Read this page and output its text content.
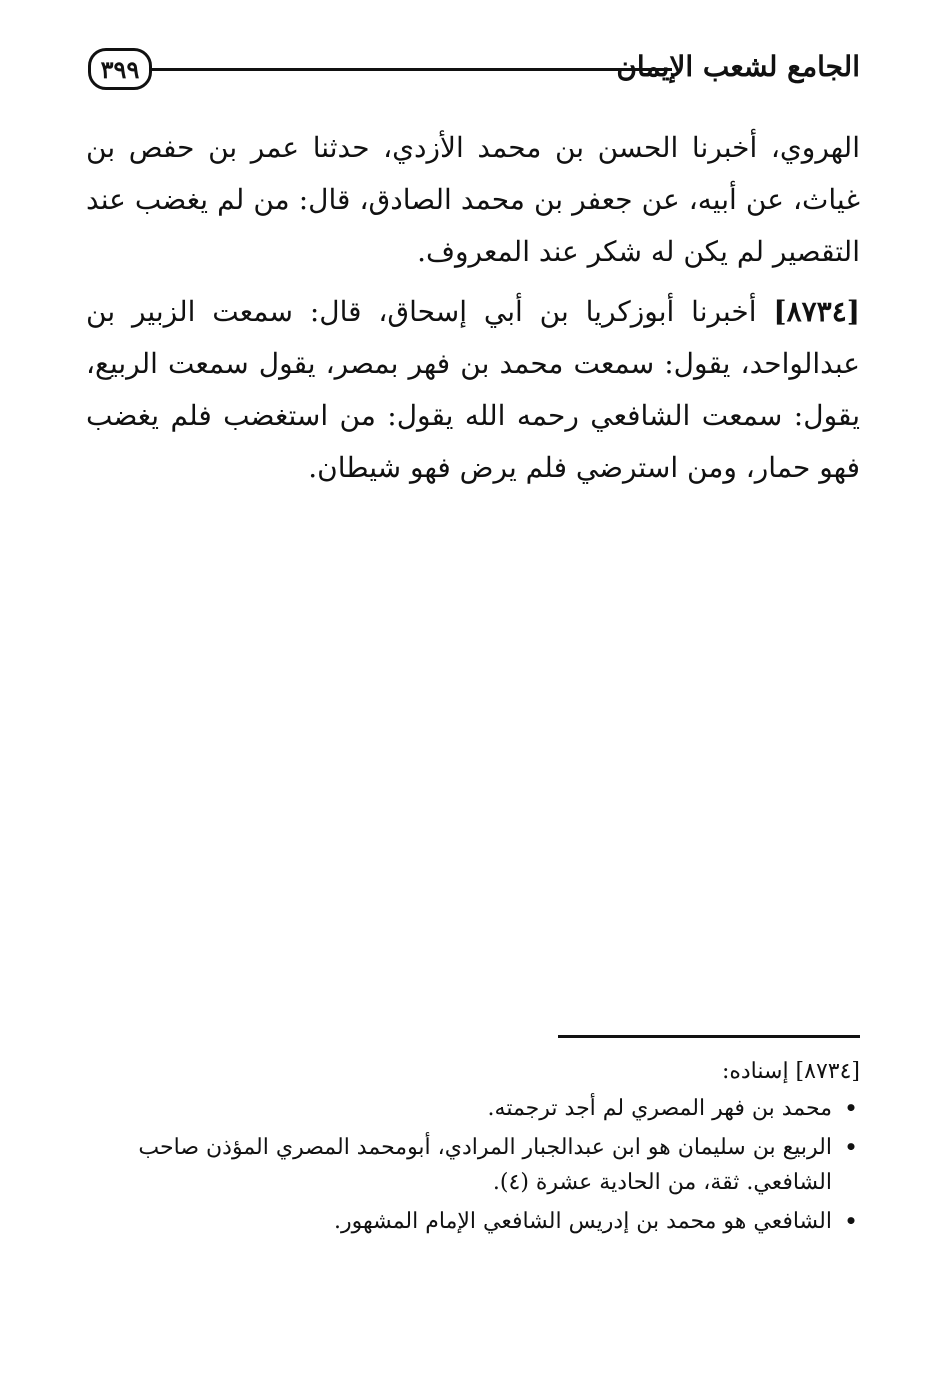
٣٩٩	الجامع لشعب الإيمان

الهروي، أخبرنا الحسن بن محمد الأزدي، حدثنا عمر بن حفص بن غياث، عن أبيه، عن جعفر بن محمد الصادق، قال: من لم يغضب عند التقصير لم يكن له شكر عند المعروف.

[٨٧٣٤] أخبرنا أبوزكريا بن أبي إسحاق، قال: سمعت الزبير بن عبدالواحد، يقول: سمعت محمد بن فهر بمصر، يقول سمعت الربيع، يقول: سمعت الشافعي رحمه الله يقول: من استغضب فلم يغضب فهو حمار، ومن استرضي فلم يرض فهو شيطان.

[٨٧٣٤] إسناده:

•
محمد بن فهر المصري لم أجد ترجمته.

•
الربيع بن سليمان هو ابن عبدالجبار المرادي، أبومحمد المصري المؤذن صاحب الشافعي. ثقة، من الحادية عشرة (٤).

•
الشافعي هو محمد بن إدريس الشافعي الإمام المشهور.
